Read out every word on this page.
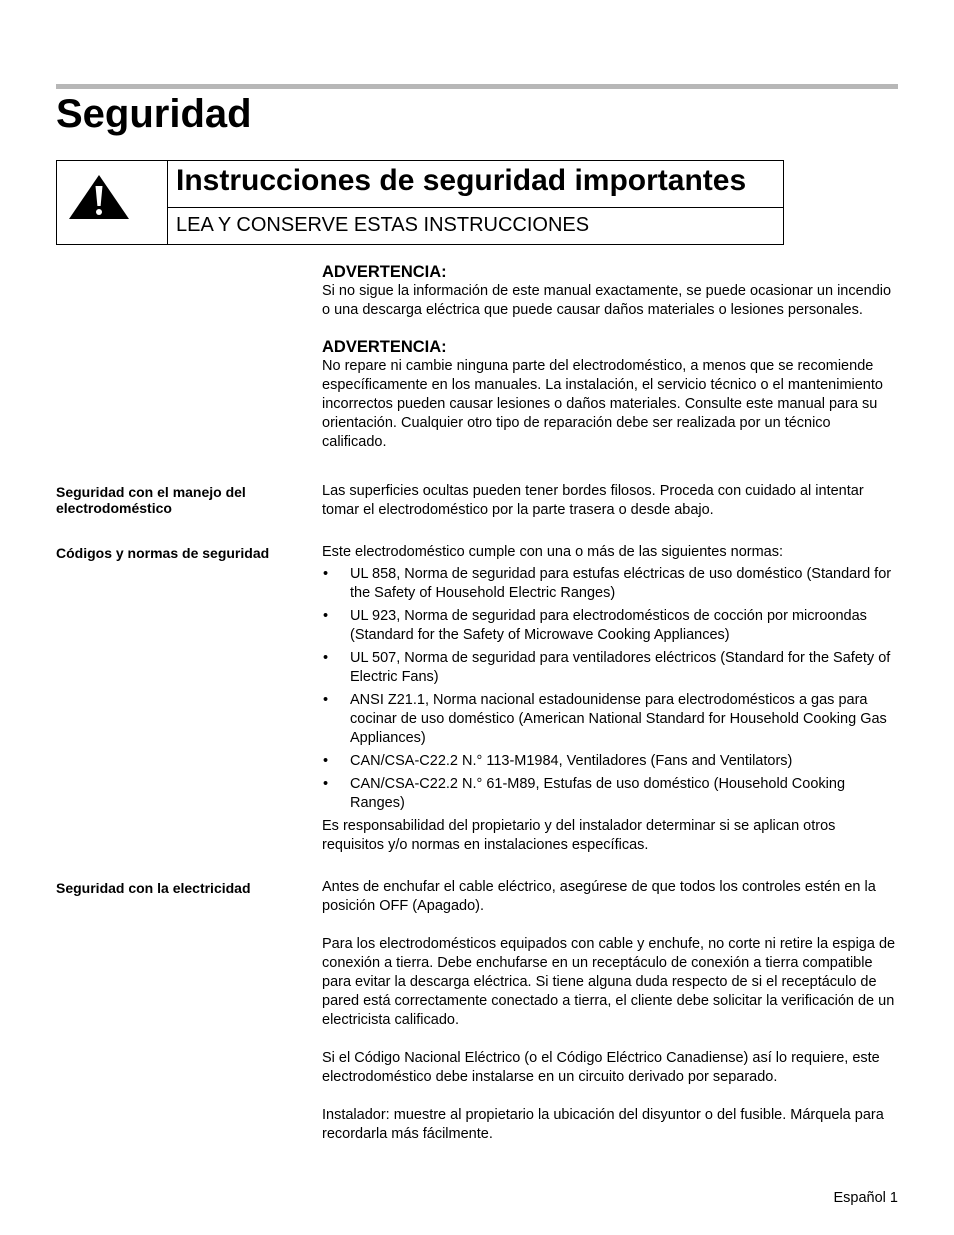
Seguridad
Instrucciones de seguridad importantes
LEA Y CONSERVE ESTAS INSTRUCCIONES
ADVERTENCIA:
Si no sigue la información de este manual exactamente, se puede ocasionar un incendio o una descarga eléctrica que puede causar daños materiales o lesiones personales.
ADVERTENCIA:
No repare ni cambie ninguna parte del electrodoméstico, a menos que se recomiende específicamente en los manuales. La instalación, el servicio técnico o el mantenimiento incorrectos pueden causar lesiones o daños materiales. Consulte este manual para su orientación. Cualquier otro tipo de reparación debe ser realizada por un técnico calificado.
Seguridad con el manejo del electrodoméstico

Las superficies ocultas pueden tener bordes filosos. Proceda con cuidado al intentar tomar el electrodoméstico por la parte trasera o desde abajo.

Códigos y normas de seguridad	Este electrodoméstico cumple con una o más de las siguientes normas:

• UL 858, Norma de seguridad para estufas eléctricas de uso doméstico (Standard for the Safety of Household Electric Ranges)
• UL 923, Norma de seguridad para electrodomésticos de cocción por microondas (Standard for the Safety of Microwave Cooking Appliances)
• UL 507, Norma de seguridad para ventiladores eléctricos (Standard for the Safety of Electric Fans)
• ANSI Z21.1, Norma nacional estadounidense para electrodomésticos a gas para cocinar de uso doméstico (American National Standard for Household Cooking Gas Appliances)
• CAN/CSA-C22.2 N.° 113-M1984, Ventiladores (Fans and Ventilators)
• CAN/CSA-C22.2 N.° 61-M89, Estufas de uso doméstico (Household Cooking Ranges)

Es responsabilidad del propietario y del instalador determinar si se aplican otros requisitos y/o normas en instalaciones específicas.

Seguridad con la electricidad	Antes de enchufar el cable eléctrico, asegúrese de que todos los controles estén en la posición OFF (Apagado).

Para los electrodomésticos equipados con cable y enchufe, no corte ni retire la espiga de conexión a tierra. Debe enchufarse en un receptáculo de conexión a tierra compatible para evitar la descarga eléctrica. Si tiene alguna duda respecto de si el receptáculo de pared está correctamente conectado a tierra, el cliente debe solicitar la verificación de un electricista calificado.

Si el Código Nacional Eléctrico (o el Código Eléctrico Canadiense) así lo requiere, este electrodoméstico debe instalarse en un circuito derivado por separado.

Instalador: muestre al propietario la ubicación del disyuntor o del fusible. Márquela para recordarla más fácilmente.

Español 1
